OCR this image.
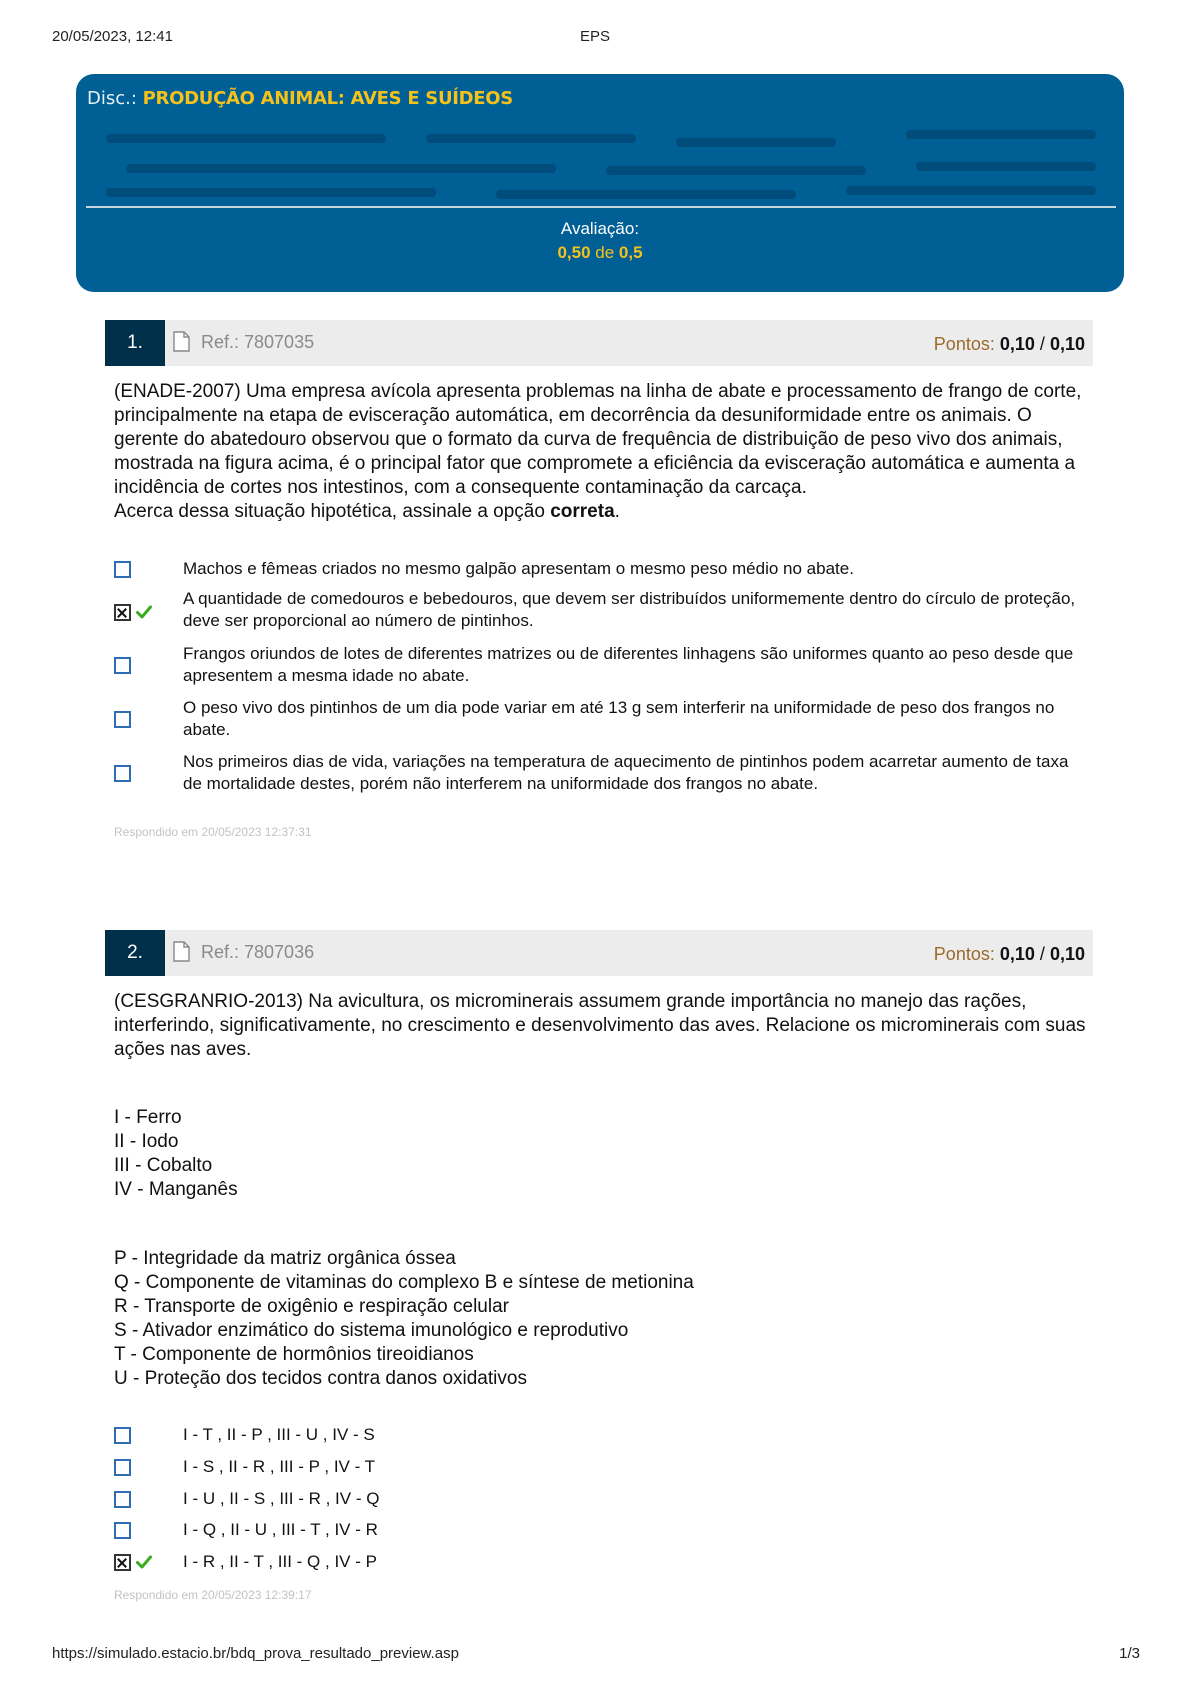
20/05/2023, 12:41	EPS
Disc.: PRODUÇÃO ANIMAL: AVES E SUÍDEOS
Avaliação:
0,50 de 0,5
1.	Ref.: 7807035	Pontos: 0,10 / 0,10

(ENADE-2007) Uma empresa avícola apresenta problemas na linha de abate e processamento de frango de corte, principalmente na etapa de evisceração automática, em decorrência da desuniformidade entre os animais. O gerente do abatedouro observou que o formato da curva de frequência de distribuição de peso vivo dos animais, mostrada na figura acima, é o principal fator que compromete a eficiência da evisceração automática e aumenta a incidência de cortes nos intestinos, com a consequente contaminação da carcaça.

Acerca dessa situação hipotética, assinale a opção correta.

Machos e fêmeas criados no mesmo galpão apresentam o mesmo peso médio no abate.
A quantidade de comedouros e bebedouros, que devem ser distribuídos uniformemente dentro do círculo de proteção, deve ser proporcional ao número de pintinhos.
Frangos oriundos de lotes de diferentes matrizes ou de diferentes linhagens são uniformes quanto ao peso desde que apresentem a mesma idade no abate.
O peso vivo dos pintinhos de um dia pode variar em até 13 g sem interferir na uniformidade de peso dos frangos no abate.
Nos primeiros dias de vida, variações na temperatura de aquecimento de pintinhos podem acarretar aumento de taxa de mortalidade destes, porém não interferem na uniformidade dos frangos no abate.
Respondido em 20/05/2023 12:37:31
2.	Ref.: 7807036	Pontos: 0,10 / 0,10

(CESGRANRIO-2013) Na avicultura, os microminerais assumem grande importância no manejo das rações, interferindo, significativamente, no crescimento e desenvolvimento das aves. Relacione os microminerais com suas ações nas aves.

I - Ferro

II - Iodo

III - Cobalto

IV - Manganês

P - Integridade da matriz orgânica óssea

Q - Componente de vitaminas do complexo B e síntese de metionina

R - Transporte de oxigênio e respiração celular

S - Ativador enzimático do sistema imunológico e reprodutivo

T - Componente de hormônios tireoidianos

U - Proteção dos tecidos contra danos oxidativos

I - T , II - P , III - U , IV - S
I - S , II - R , III - P , IV - T
I - U , II - S , III - R , IV - Q
I - Q , II - U , III - T , IV - R
I - R , II - T , III - Q , IV - P
Respondido em 20/05/2023 12:39:17
https://simulado.estacio.br/bdq_prova_resultado_preview.asp	1/3
